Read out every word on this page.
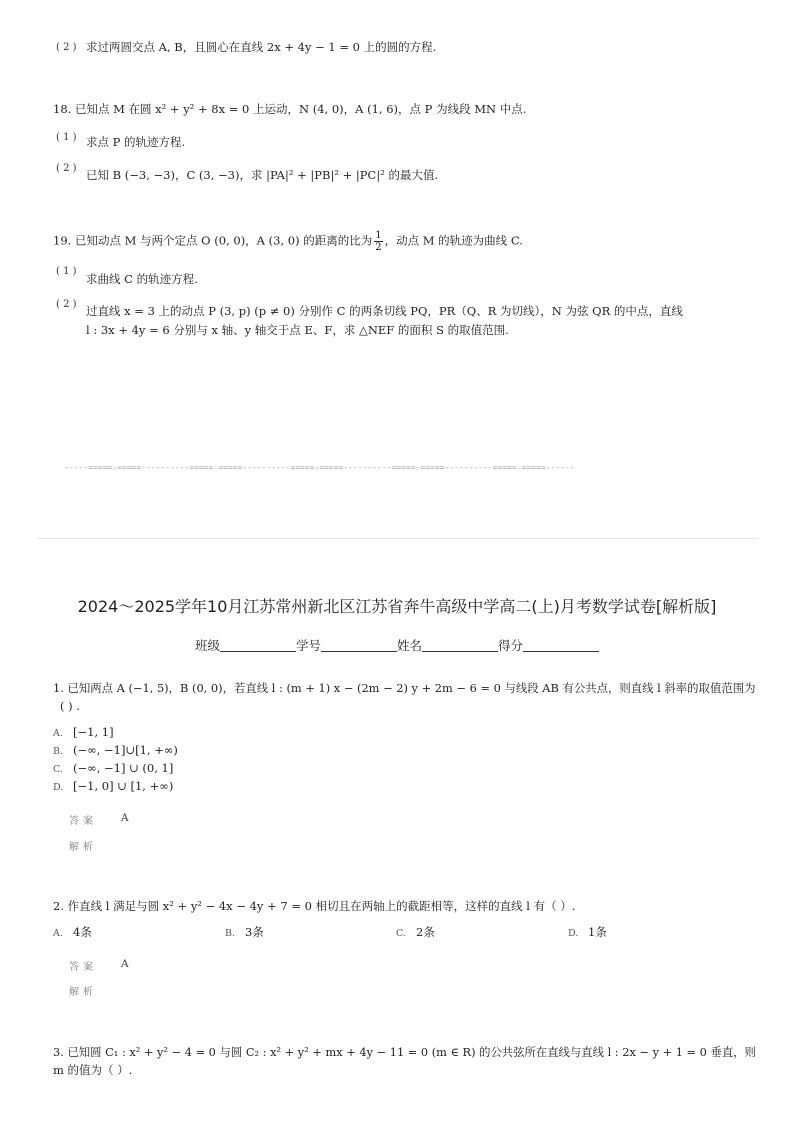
( 2 ) 求过两圆交点 A, B，且圆心在直线 2x + 4y − 1 = 0 上的圆的方程.
18. 已知点 M 在圆 x² + y² + 8x = 0 上运动，N (4, 0)，A (1, 6)，点 P 为线段 MN 中点.
( 1 ) 求点 P 的轨迹方程.
( 2 ) 已知 B (−3, −3)，C (3, −3)，求 |PA|² + |PB|² + |PC|² 的最大值.
19. 已知动点 M 与两个定点 O (0, 0)，A (3, 0) 的距离的比为 $\frac{1}{2}$ ，动点 M 的轨迹为曲线 C.
( 1 )
求曲线 C 的轨迹方程.
( 2 ) 过直线 x = 3 上的动点 P (3, p) (p ≠ 0) 分别作 C 的两条切线 PQ，PR（Q、R 为切线），N 为弦 QR 的中点，直线
l : 3x + 4y = 6 分别与 x 轴、y 轴交于点 E、F，求 △NEF 的面积 S 的取值范围.
-----=====☆=====----------=====☆=====----------=====☆=====----------=====☆=====----------=====☆=====------
2024～2025学年10月江苏常州新北区江苏省奔牛高级中学高二(上)月考数学试卷[解析版]
班级	学号	姓名	得分
1. 已知两点 A (−1, 5)，B (0, 0)，若直线 l : (m + 1) x − (2m − 2) y + 2m − 6 = 0 与线段 AB 有公共点，则直线 l 斜率的取值范围为
( ) .
A. [−1, 1]
B. (−∞, −1]∪[1, +∞)
C. (−∞, −1] ∪ (0, 1]
D. [−1, 0] ∪ [1, +∞)
答案 A
解析
2. 作直线 l 满足与圆 x² + y² − 4x − 4y + 7 = 0 相切且在两轴上的截距相等，这样的直线 l 有（ ）.
A. 4条	B. 3条	C. 2条	D. 1条
答案 A
解析
3. 已知圆 C₁ : x² + y² − 4 = 0 与圆 C₂ : x² + y² + mx + 4y − 11 = 0 (m ∈ R) 的公共弦所在直线与直线 l : 2x − y + 1 = 0 垂直，则
m 的值为（ ）.
